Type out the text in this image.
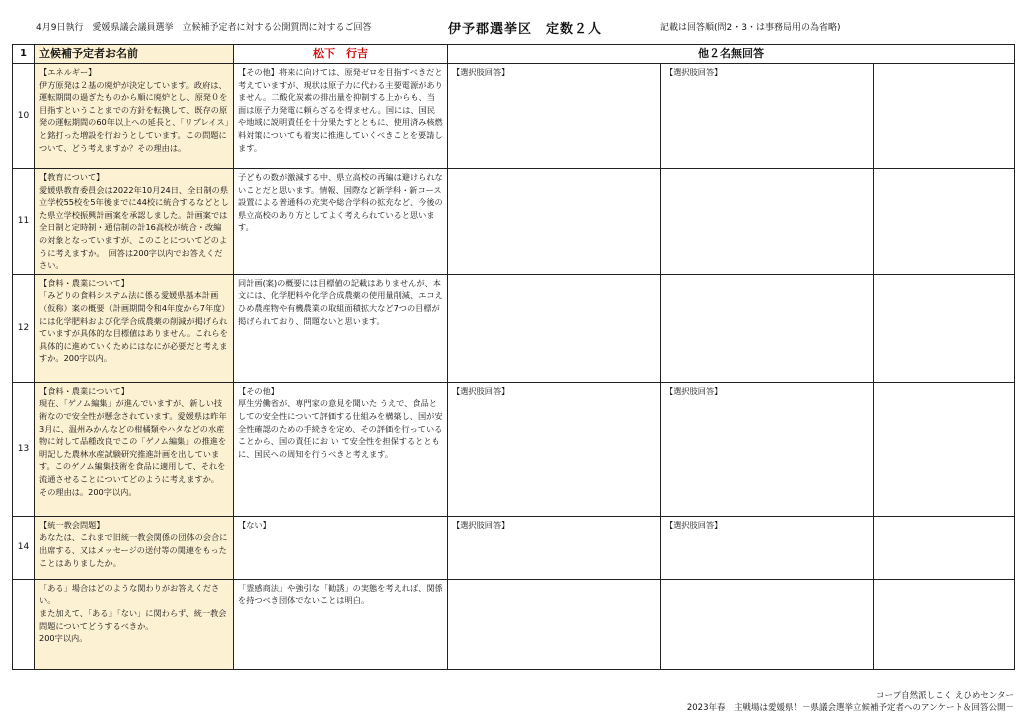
4月9日執行　愛媛県議会議員選挙　立候補予定者に対する公開質問に対するご回答	伊予郡選挙区　定数２人	記載は回答順(問2・3・は事務局用の為省略)
1	立候補予定者お名前	松下　行吉	他２名無回答		
10	【エネルギー】
伊方原発は２基の廃炉が決定しています。政府は、運転期間の過ぎたものから順に廃炉とし、原発０を目指すということまでの方針を転換して、既存の原発の運転期間の60年以上への延長と、「リプレイス」と銘打った増設を行おうとしています。この問題について、どう考えますか？その理由は。	【その他】将来に向けては、原発ゼロを目指すべきだと考えていますが、現状は原子力に代わる主要電源がありません。二酸化炭素の排出量を抑制する上からも、当面は原子力発電に頼らざるを得ません。国には、国民や地域に説明責任を十分果たすとともに、使用済み核燃料対策についても着実に推進していくべきことを要請します。	【選択肢回答】	【選択肢回答】	
11	【教育について】
愛媛県教育委員会は2022年10月24日、全日制の県立学校55校を5年後までに44校に統合するなどとした県立学校振興計画案を承認しました。計画案では全日制と定時制・通信制の計16高校が統合・改編の対象となっていますが、このことについてどのように考えますか。　回答は200字以内でお答えください。	子どもの数が激減する中、県立高校の再編は避けられないことだと思います。情報、国際など新学科・新コース設置による普通科の充実や総合学科の拡充など、今後の県立高校のあり方としてよく考えられていると思います。			
12	【食料・農業について】
「みどりの食料システム法に係る愛媛県基本計画（仮称）案の概要（計画期間令和4年度から7年度）には化学肥料および化学合成農薬の削減が掲げられていますが具体的な目標値はありません。これらを具体的に進めていくためにはなにが必要だと考えますか。200字以内。	同計画(案)の概要には目標値の記載はありませんが、本文には、化学肥料や化学合成農薬の使用量削減、エコえひめ農産物や有機農業の取組面積拡大など7つの目標が掲げられており、問題ないと思います。			
13	【食料・農業について】
現在、「ゲノム編集」が進んでいますが、新しい技術なので安全性が懸念されています。愛媛県は昨年3月に、温州みかんなどの柑橘類やハタなどの水産物に対して品種改良でこの「ゲノム編集」の推進を明記した農林水産試験研究推進計画を出しています。このゲノム編集技術を食品に適用して、それを流通させることについてどのように考えますか。
その理由は。200字以内。	【その他】
厚生労働省が、専門家の意見を聞いた うえで、食品としての安全性について評価する仕組みを構築し、国が安全性確認のための手続きを定め、その評価を行っていることから、国の責任にお い て安全性を担保するとともに、国民への周知を行うべきと考えます。	【選択肢回答】	【選択肢回答】	
14	【統一教会問題】
あなたは、これまで旧統一教会関係の団体の会合に出席する、又はメッセージの送付等の関連をもったことはありましたか。	【ない】	【選択肢回答】	【選択肢回答】	
	「ある」場合はどのような関わりがお答えください。
また加えて、「ある」「ない」に関わらず、統一教会問題についてどうするべきか。
200字以内。	「霊感商法」や強引な「勧誘」の実態を考えれば、関係を持つべき団体でないことは明白。			
コープ自然派しこく えひめセンター
2023年春　主戦場は愛媛県！－県議会選挙立候補予定者へのアンケート＆回答公開－
